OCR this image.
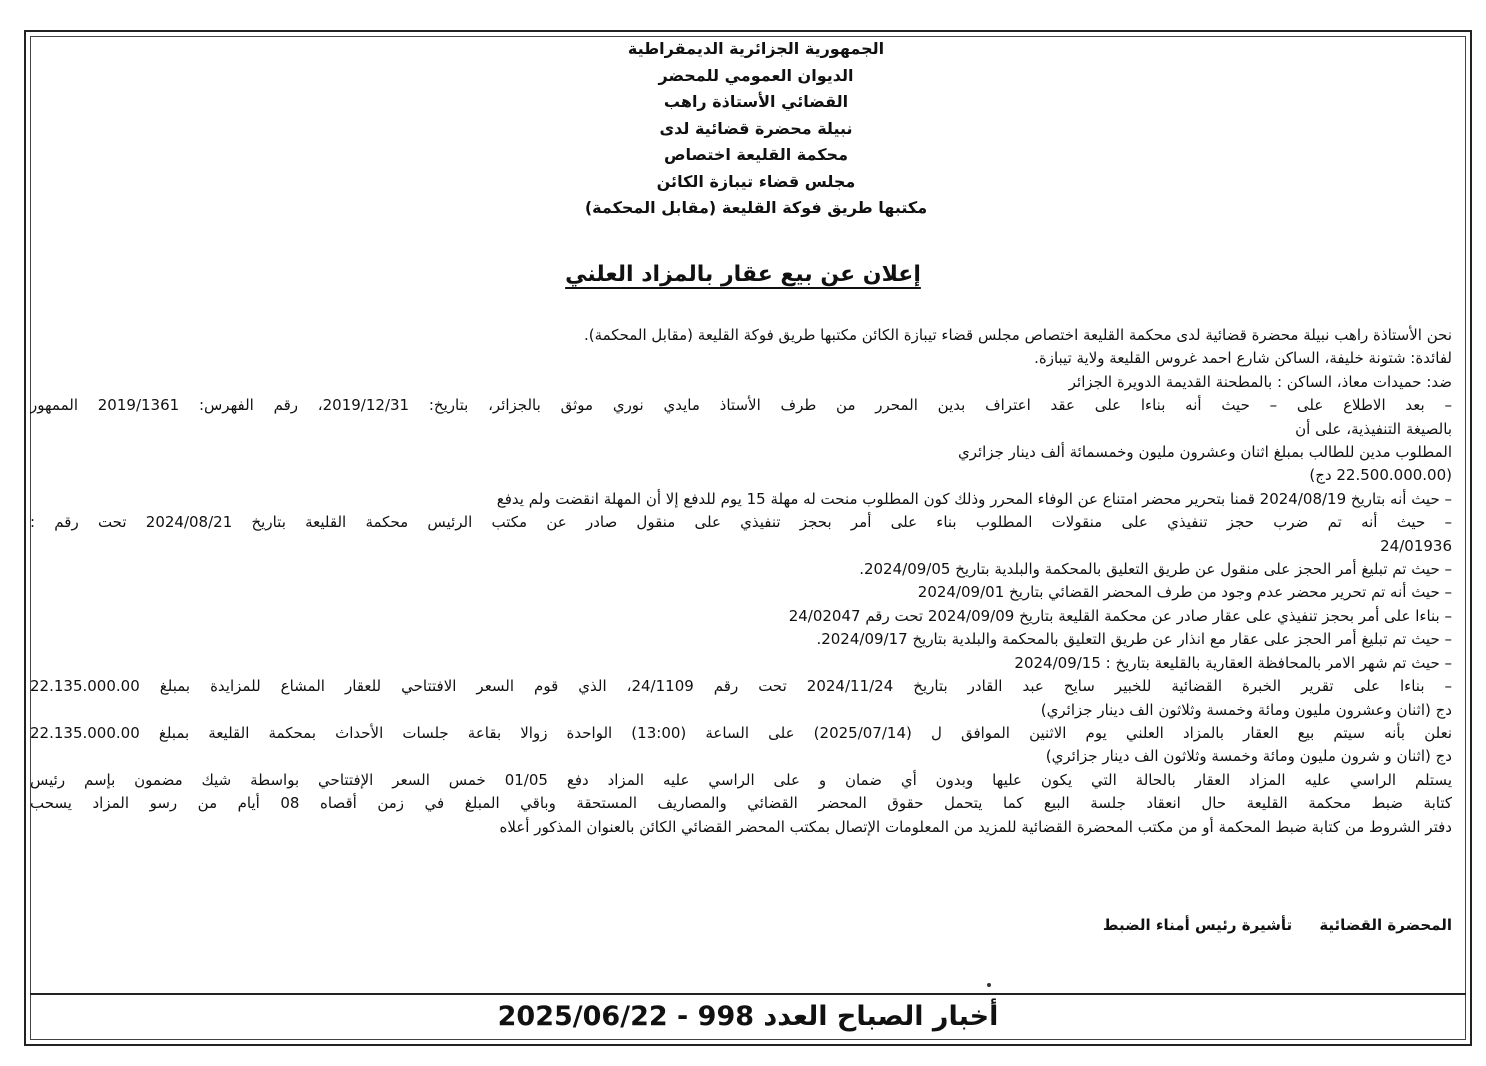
الجمهورية الجزائرية الديمقراطية
الديوان العمومي للمحضر
القضائي الأستاذة راهب
نبيلة محضرة قضائية لدى
محكمة القليعة اختصاص
مجلس قضاء تيبازة الكائن
مكتبها طريق فوكة القليعة (مقابل المحكمة)
إعلان عن بيع عقار بالمزاد العلني

نحن الأستاذة راهب نبيلة محضرة قضائية لدى محكمة القليعة اختصاص مجلس قضاء تيبازة الكائن مكتبها طريق فوكة القليعة (مقابل المحكمة).

لفائدة: شتونة خليفة، الساكن شارع احمد غروس القليعة ولاية تيبازة.

ضد: حميدات معاذ، الساكن : بالمطحنة القديمة الدويرة الجزائر

– بعد الاطلاع على – حيث أنه بناءا على عقد اعتراف بدين المحرر من طرف الأستاذ مايدي نوري موثق بالجزائر، بتاريخ: 2019/12/31، رقم الفهرس: 2019/1361 الممهور

بالصيغة التنفيذية، على أن

المطلوب مدين للطالب بمبلغ اثنان وعشرون مليون وخمسمائة ألف دينار جزائري

(22.500.000.00 دج)

– حيث أنه بتاريخ 2024/08/19 قمنا بتحرير محضر امتناع عن الوفاء المحرر وذلك كون المطلوب منحت له مهلة 15 يوم للدفع إلا أن المهلة انقضت ولم يدفع

– حيث أنه تم ضرب حجز تنفيذي على منقولات المطلوب بناء على أمر بحجز تنفيذي على منقول صادر عن مكتب الرئيس محكمة القليعة بتاريخ 2024/08/21 تحت رقم :

24/01936

– حيث تم تبليغ أمر الحجز على منقول عن طريق التعليق بالمحكمة والبلدية بتاريخ 2024/09/05.

– حيث أنه تم تحرير محضر عدم وجود من طرف المحضر القضائي بتاريخ 2024/09/01

– بناءا على أمر بحجز تنفيذي على عقار صادر عن محكمة القليعة بتاريخ 2024/09/09 تحت رقم 24/02047

– حيث تم تبليغ أمر الحجز على عقار مع انذار عن طريق التعليق بالمحكمة والبلدية بتاريخ 2024/09/17.

– حيث تم شهر الامر بالمحافظة العقارية بالقليعة بتاريخ : 2024/09/15

– بناءا على تقرير الخبرة القضائية للخبير سايح عبد القادر بتاريخ 2024/11/24 تحت رقم 24/1109، الذي قوم السعر الافتتاحي للعقار المشاع للمزايدة بمبلغ 22.135.000.00

دج (اثنان وعشرون مليون ومائة وخمسة وثلاثون الف دينار جزائري)

نعلن بأنه سيتم بيع العقار بالمزاد العلني يوم الاثنين الموافق ل (2025/07/14) على الساعة (13:00) الواحدة زوالا بقاعة جلسات الأحداث بمحكمة القليعة بمبلغ 22.135.000.00

دج (اثنان و شرون مليون ومائة وخمسة وثلاثون الف دينار جزائري)

يستلم الراسي عليه المزاد العقار بالحالة التي يكون عليها وبدون أي ضمان و على الراسي عليه المزاد دفع 01/05 خمس السعر الإفتتاحي بواسطة شيك مضمون بإسم رئيس

كتابة ضبط محكمة القليعة حال انعقاد جلسة البيع كما يتحمل حقوق المحضر القضائي والمصاريف المستحقة وباقي المبلغ في زمن أقصاه 08 أيام من رسو المزاد يسحب

دفتر الشروط من كتابة ضبط المحكمة أو من مكتب المحضرة القضائية للمزيد من المعلومات الإتصال بمكتب المحضر القضائي الكائن بالعنوان المذكور أعلاه

المحضرة القضائية تأشيرة رئيس أمناء الضبط
أخبار الصباح العدد 998 - 2025/06/22
